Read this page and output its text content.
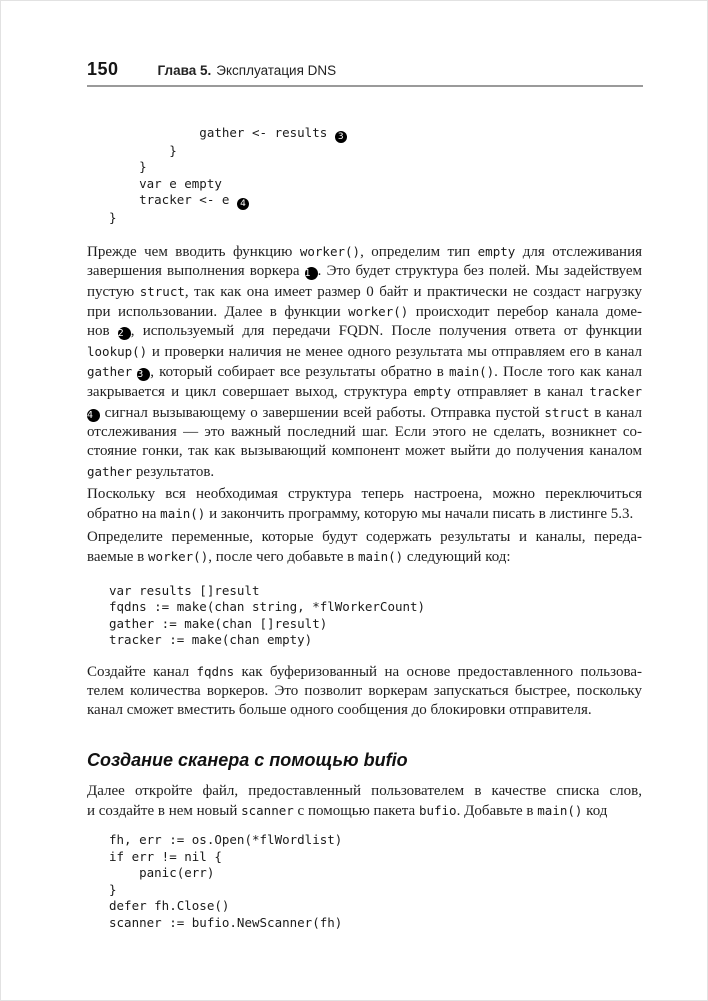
150	Глава 5. Эксплуатация DNS
gather <- results 3
}
}
var e empty
tracker <- e 4
}
Прежде чем вводить функцию worker(), определим тип empty для отслеживания
завершения выполнения воркера 1 . Это будет структура без полей. Мы задействуем
пустую struct, так как она имеет размер 0 байт и практически не создаст нагрузку
при использовании. Далее в функции worker() происходит перебор канала доме-
нов 2 , используемый для передачи FQDN. После получения ответа от функции
lookup() и проверки наличия не менее одного результата мы отправляем его в канал
gather 3 , который собирает все результаты обратно в main(). После того как канал
закрывается и цикл совершает выход, структура empty отправляет в канал tracker
4 сигнал вызывающему о завершении всей работы. Отправка пустой struct в канал
отслеживания — это важный последний шаг. Если этого не сделать, возникнет со-
стояние гонки, так как вызывающий компонент может выйти до получения каналом
gather результатов.
Поскольку вся необходимая структура теперь настроена, можно переключиться
обратно на main() и закончить программу, которую мы начали писать в листинге 5.3.
Определите переменные, которые будут содержать результаты и каналы, переда-
ваемые в worker(), после чего добавьте в main() следующий код:
var results []result
fqdns := make(chan string, *flWorkerCount)
gather := make(chan []result)
tracker := make(chan empty)
Создайте канал fqdns как буферизованный на основе предоставленного пользова-
телем количества воркеров. Это позволит воркерам запускаться быстрее, поскольку
канал сможет вместить больше одного сообщения до блокировки отправителя.
Создание сканера с помощью bufio
Далее откройте файл, предоставленный пользователем в качестве списка слов,
и создайте в нем новый scanner с помощью пакета bufio. Добавьте в main() код
fh, err := os.Open(*flWordlist)
if err != nil {
panic(err)
}
defer fh.Close()
scanner := bufio.NewScanner(fh)
